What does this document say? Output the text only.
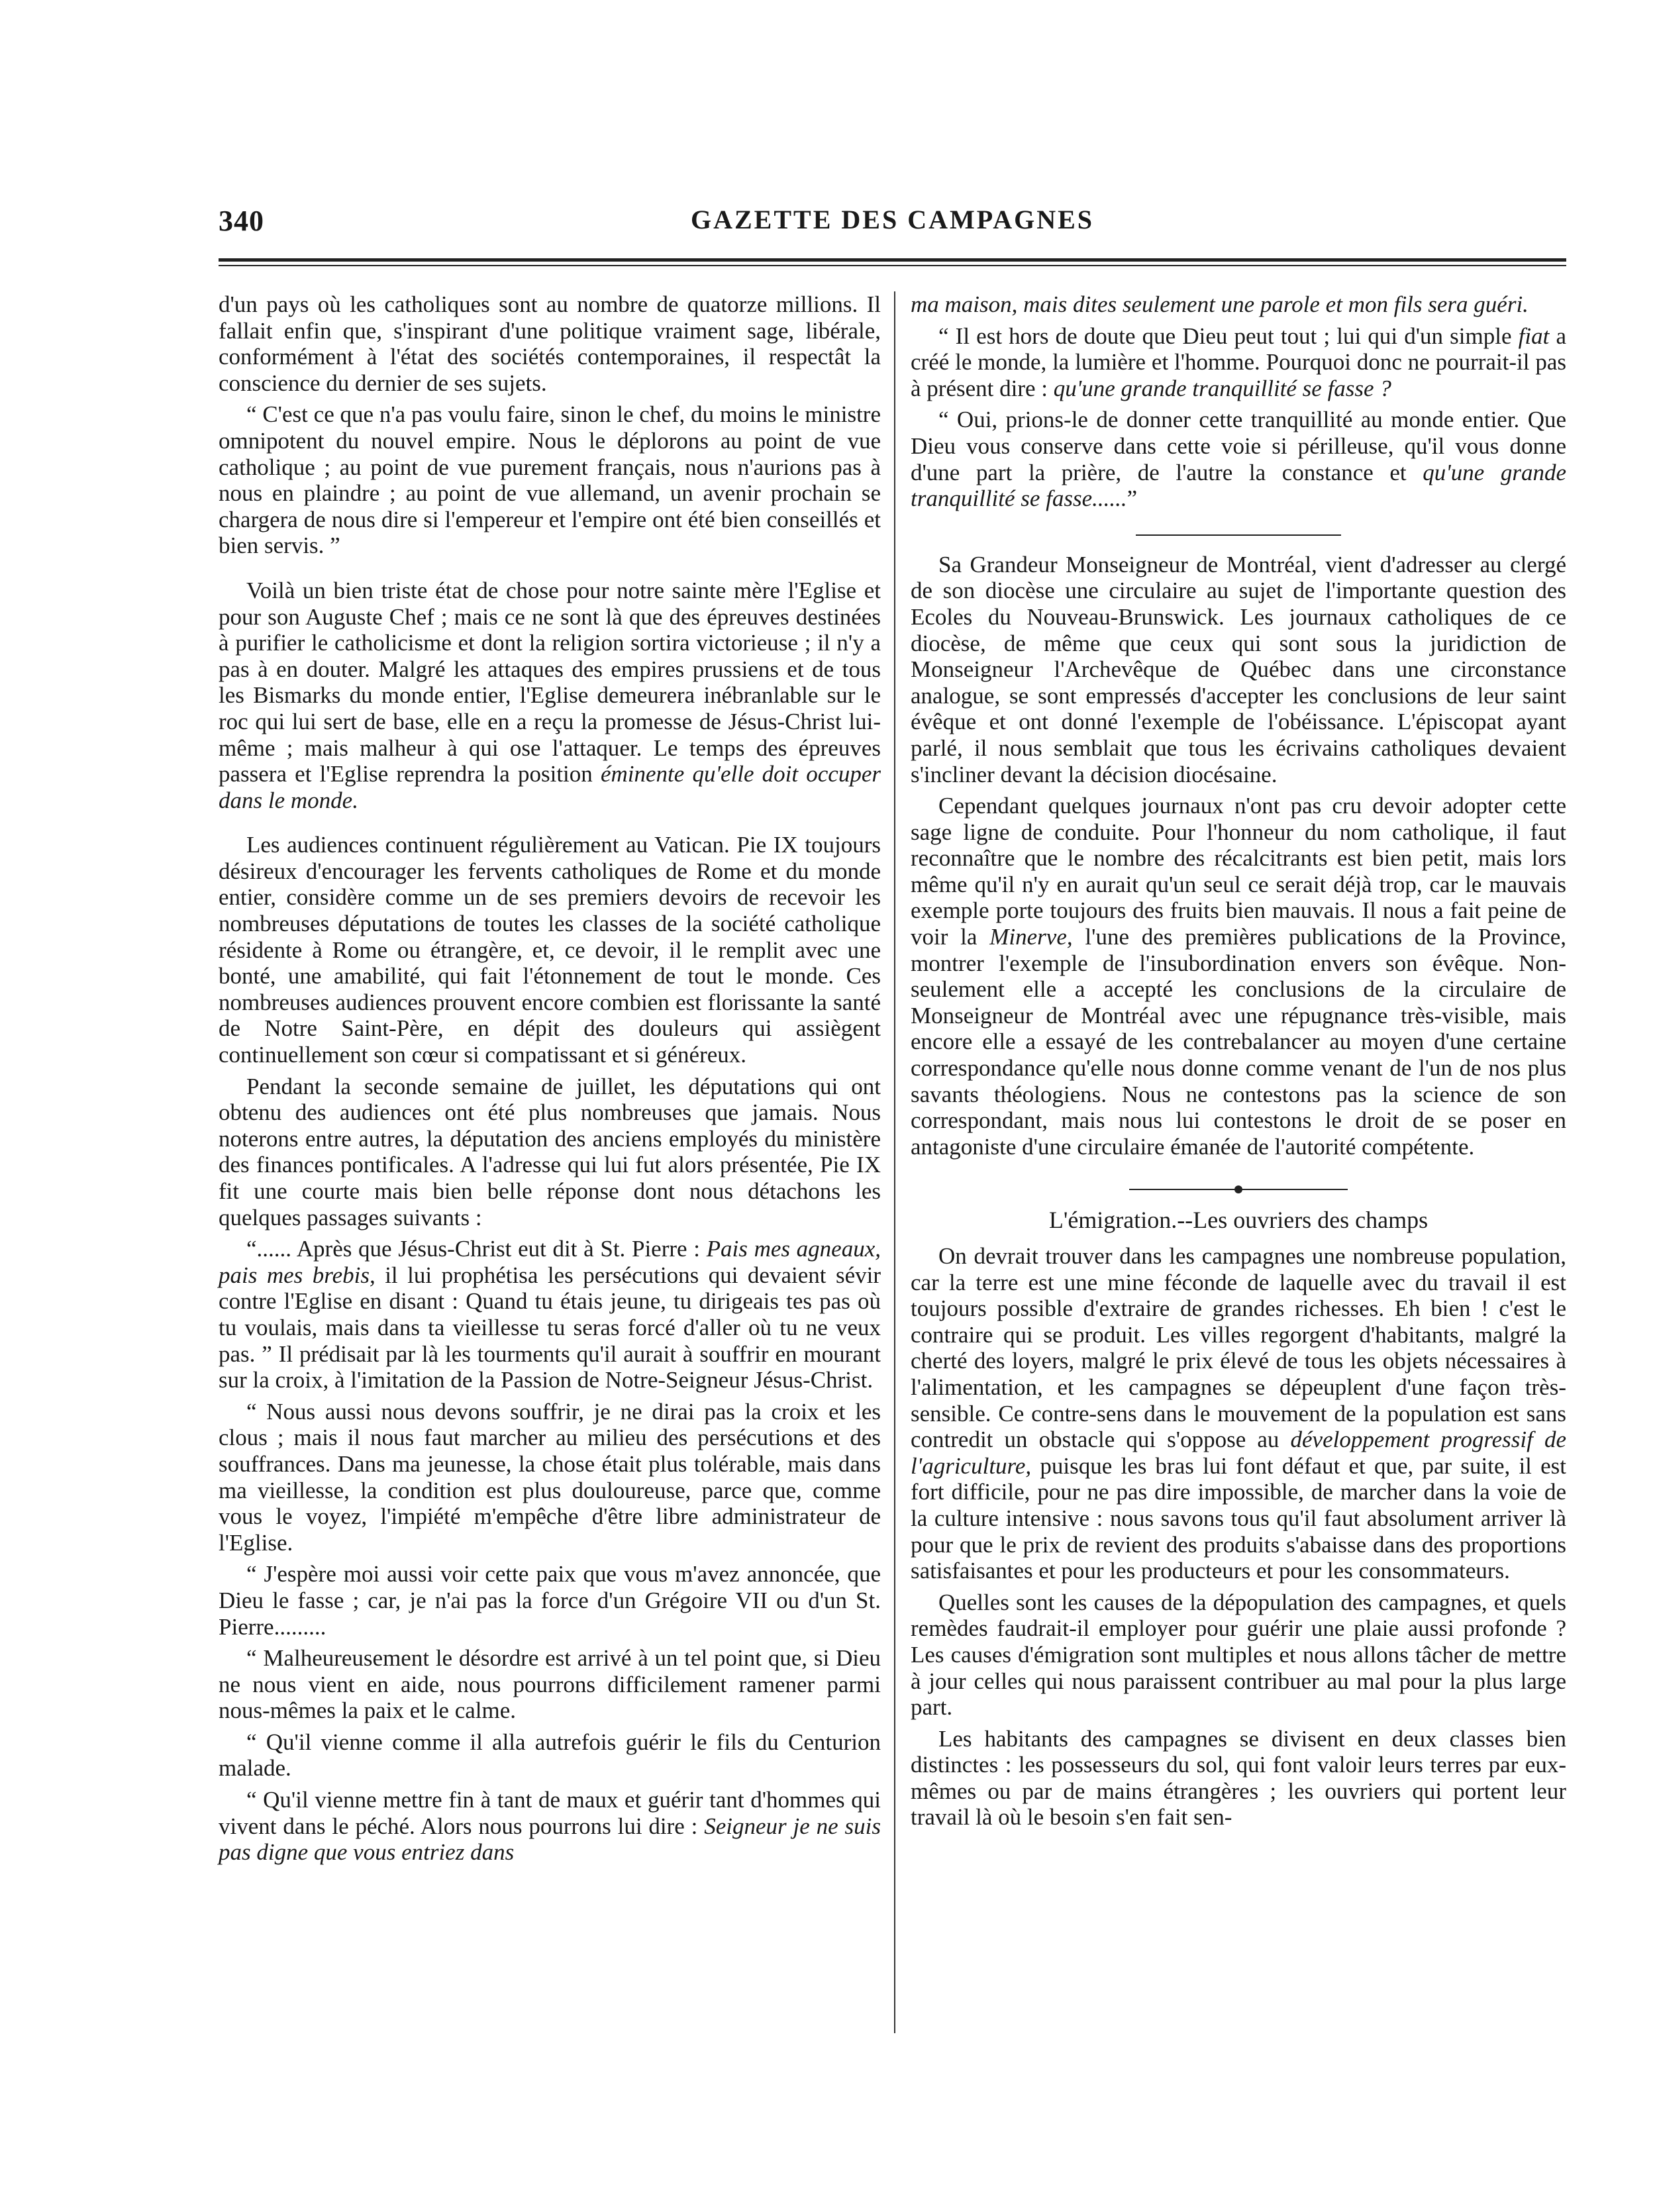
340	GAZETTE DES CAMPAGNES

d'un pays où les catholiques sont au nombre de quatorze millions. Il fallait enfin que, s'inspirant d'une politique vraiment sage, libérale, conformément à l'état des sociétés contemporaines, il respectât la conscience du dernier de ses sujets.

“ C'est ce que n'a pas voulu faire, sinon le chef, du moins le ministre omnipotent du nouvel empire. Nous le déplorons au point de vue catholique ; au point de vue purement français, nous n'aurions pas à nous en plaindre ; au point de vue allemand, un avenir prochain se chargera de nous dire si l'empereur et l'empire ont été bien conseillés et bien servis. ”

Voilà un bien triste état de chose pour notre sainte mère l'Eglise et pour son Auguste Chef ; mais ce ne sont là que des épreuves destinées à purifier le catholicisme et dont la religion sortira victorieuse ; il n'y a pas à en douter. Malgré les attaques des empires prussiens et de tous les Bismarks du monde entier, l'Eglise demeurera inébranlable sur le roc qui lui sert de base, elle en a reçu la promesse de Jésus-Christ lui-même ; mais malheur à qui ose l'attaquer. Le temps des épreuves passera et l'Eglise reprendra la position éminente qu'elle doit occuper dans le monde.

Les audiences continuent régulièrement au Vatican. Pie IX toujours désireux d'encourager les fervents catholiques de Rome et du monde entier, considère comme un de ses premiers devoirs de recevoir les nombreuses députations de toutes les classes de la société catholique résidente à Rome ou étrangère, et, ce devoir, il le remplit avec une bonté, une amabilité, qui fait l'étonnement de tout le monde. Ces nombreuses audiences prouvent encore combien est florissante la santé de Notre Saint-Père, en dépit des douleurs qui assiègent continuellement son cœur si compatissant et si généreux.

Pendant la seconde semaine de juillet, les députations qui ont obtenu des audiences ont été plus nombreuses que jamais. Nous noterons entre autres, la députation des anciens employés du ministère des finances pontificales. A l'adresse qui lui fut alors présentée, Pie IX fit une courte mais bien belle réponse dont nous détachons les quelques passages suivants :

“...... Après que Jésus-Christ eut dit à St. Pierre : Pais mes agneaux, pais mes brebis, il lui prophétisa les persécutions qui devaient sévir contre l'Eglise en disant : Quand tu étais jeune, tu dirigeais tes pas où tu voulais, mais dans ta vieillesse tu seras forcé d'aller où tu ne veux pas. ” Il prédisait par là les tourments qu'il aurait à souffrir en mourant sur la croix, à l'imitation de la Passion de Notre-Seigneur Jésus-Christ.

“ Nous aussi nous devons souffrir, je ne dirai pas la croix et les clous ; mais il nous faut marcher au milieu des persécutions et des souffrances. Dans ma jeunesse, la chose était plus tolérable, mais dans ma vieillesse, la condition est plus douloureuse, parce que, comme vous le voyez, l'impiété m'empêche d'être libre administrateur de l'Eglise.

“ J'espère moi aussi voir cette paix que vous m'avez annoncée, que Dieu le fasse ; car, je n'ai pas la force d'un Grégoire VII ou d'un St. Pierre.........

“ Malheureusement le désordre est arrivé à un tel point que, si Dieu ne nous vient en aide, nous pourrons difficilement ramener parmi nous-mêmes la paix et le calme.

“ Qu'il vienne comme il alla autrefois guérir le fils du Centurion malade.

“ Qu'il vienne mettre fin à tant de maux et guérir tant d'hommes qui vivent dans le péché. Alors nous pourrons lui dire : Seigneur je ne suis pas digne que vous entriez dans

ma maison, mais dites seulement une parole et mon fils sera guéri.

“ Il est hors de doute que Dieu peut tout ; lui qui d'un simple fiat a créé le monde, la lumière et l'homme. Pourquoi donc ne pourrait-il pas à présent dire : qu'une grande tranquillité se fasse ?

“ Oui, prions-le de donner cette tranquillité au monde entier. Que Dieu vous conserve dans cette voie si périlleuse, qu'il vous donne d'une part la prière, de l'autre la constance et qu'une grande tranquillité se fasse......”

Sa Grandeur Monseigneur de Montréal, vient d'adresser au clergé de son diocèse une circulaire au sujet de l'importante question des Ecoles du Nouveau-Brunswick. Les journaux catholiques de ce diocèse, de même que ceux qui sont sous la juridiction de Monseigneur l'Archevêque de Québec dans une circonstance analogue, se sont empressés d'accepter les conclusions de leur saint évêque et ont donné l'exemple de l'obéissance. L'épiscopat ayant parlé, il nous semblait que tous les écrivains catholiques devaient s'incliner devant la décision diocésaine.

Cependant quelques journaux n'ont pas cru devoir adopter cette sage ligne de conduite. Pour l'honneur du nom catholique, il faut reconnaître que le nombre des récalcitrants est bien petit, mais lors même qu'il n'y en aurait qu'un seul ce serait déjà trop, car le mauvais exemple porte toujours des fruits bien mauvais. Il nous a fait peine de voir la Minerve, l'une des premières publications de la Province, montrer l'exemple de l'insubordination envers son évêque. Non-seulement elle a accepté les conclusions de la circulaire de Monseigneur de Montréal avec une répugnance très-visible, mais encore elle a essayé de les contrebalancer au moyen d'une certaine correspondance qu'elle nous donne comme venant de l'un de nos plus savants théologiens. Nous ne contestons pas la science de son correspondant, mais nous lui contestons le droit de se poser en antagoniste d'une circulaire émanée de l'autorité compétente.

L'émigration.--Les ouvriers des champs

On devrait trouver dans les campagnes une nombreuse population, car la terre est une mine féconde de laquelle avec du travail il est toujours possible d'extraire de grandes richesses. Eh bien ! c'est le contraire qui se produit. Les villes regorgent d'habitants, malgré la cherté des loyers, malgré le prix élevé de tous les objets nécessaires à l'alimentation, et les campagnes se dépeuplent d'une façon très-sensible. Ce contre-sens dans le mouvement de la population est sans contredit un obstacle qui s'oppose au développement progressif de l'agriculture, puisque les bras lui font défaut et que, par suite, il est fort difficile, pour ne pas dire impossible, de marcher dans la voie de la culture intensive : nous savons tous qu'il faut absolument arriver là pour que le prix de revient des produits s'abaisse dans des proportions satisfaisantes et pour les producteurs et pour les consommateurs.

Quelles sont les causes de la dépopulation des campagnes, et quels remèdes faudrait-il employer pour guérir une plaie aussi profonde ? Les causes d'émigration sont multiples et nous allons tâcher de mettre à jour celles qui nous paraissent contribuer au mal pour la plus large part.

Les habitants des campagnes se divisent en deux classes bien distinctes : les possesseurs du sol, qui font valoir leurs terres par eux-mêmes ou par de mains étrangères ; les ouvriers qui portent leur travail là où le besoin s'en fait sen-
